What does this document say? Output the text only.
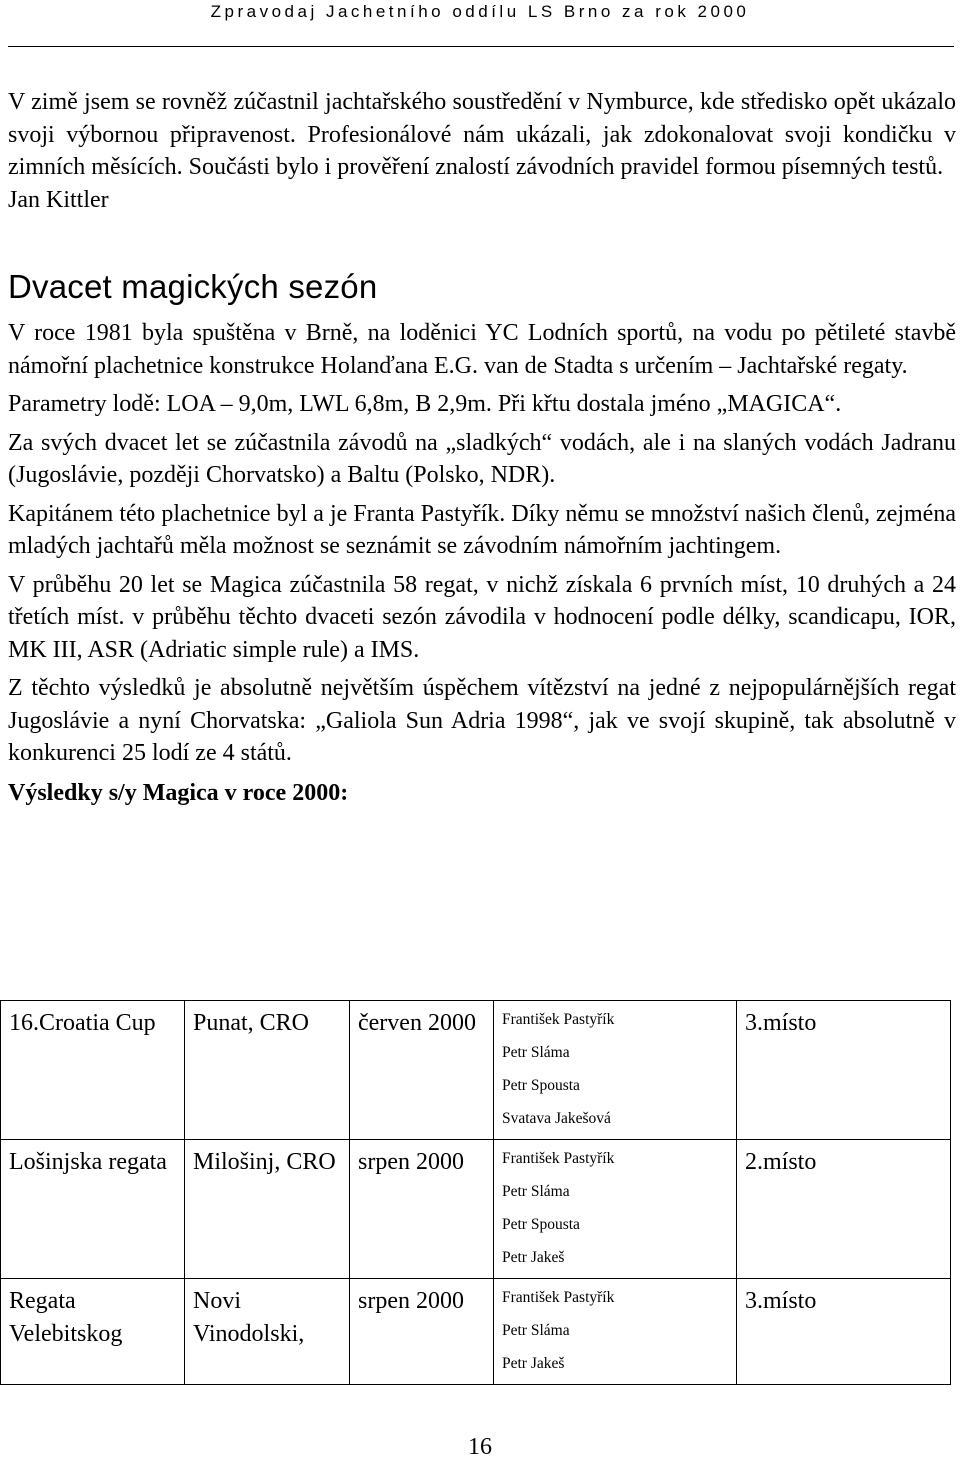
Zpravodaj Jachetního oddílu LS Brno za rok 2000

V zimě jsem se rovněž zúčastnil jachtařského soustředění v Nymburce, kde středisko opět ukázalo svoji výbornou připravenost. Profesionálové nám ukázali, jak zdokonalovat svoji kondičku v zimních měsících. Součásti bylo i prověření znalostí závodních pravidel formou písemných testů.

Jan Kittler

Dvacet magických sezón

V roce 1981 byla spuštěna v Brně, na loděnici YC Lodních sportů, na vodu po pětileté stavbě námořní plachetnice konstrukce Holanďana E.G. van de Stadta s určením – Jachtařské regaty.

Parametry lodě: LOA – 9,0m, LWL 6,8m, B 2,9m. Při křtu dostala jméno „MAGICA“.

Za svých dvacet let se zúčastnila závodů na „sladkých“ vodách, ale i na slaných vodách Jadranu (Jugoslávie, později Chorvatsko) a Baltu (Polsko, NDR).

Kapitánem této plachetnice byl a je Franta Pastyřík. Díky němu se množství našich členů, zejména mladých jachtařů měla možnost se seznámit se závodním námořním jachtingem.

V průběhu 20 let se Magica zúčastnila 58 regat, v nichž získala 6 prvních míst, 10 druhých a 24 třetích míst. v průběhu těchto dvaceti sezón závodila v hodnocení podle délky, scandicapu, IOR, MK III, ASR (Adriatic simple rule) a IMS.

Z těchto výsledků je absolutně největším úspěchem vítězství na jedné z nejpopulárnějších regat Jugoslávie a nyní Chorvatska: „Galiola Sun Adria 1998“, jak ve svojí skupině, tak absolutně v konkurenci 25 lodí ze 4 států.

Výsledky s/y Magica v roce 2000:

16.Croatia Cup	Punat, CRO	červen 2000	František Pastyřík
Petr Sláma
Petr Spousta
Svatava Jakešová	3.místo
Lošinjska regata	Milošinj, CRO	srpen 2000	František Pastyřík
Petr Sláma
Petr Spousta
Petr Jakeš	2.místo
Regata Velebitskog	Novi Vinodolski,	srpen 2000	František Pastyřík
Petr Sláma
Petr Jakeš	3.místo
16
